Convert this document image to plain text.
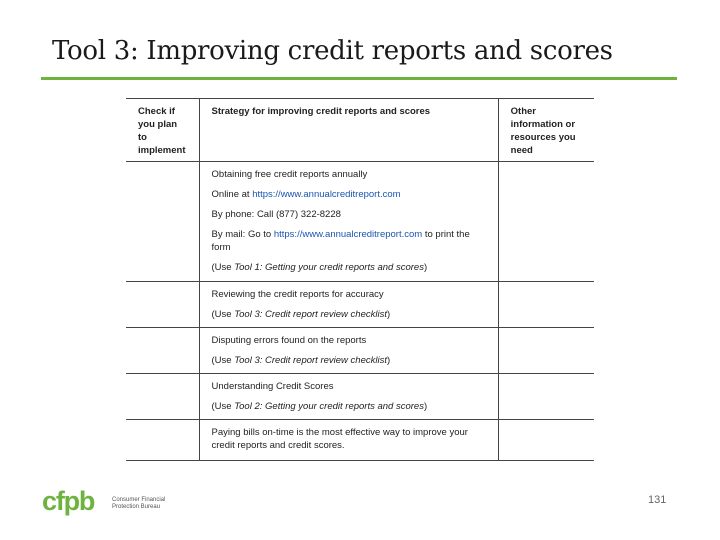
Tool 3: Improving credit reports and scores
Check if you plan to implement	Strategy for improving credit reports and scores	Other information or resources you need

	Obtaining free credit reports annually
Online at https://www.annualcreditreport.com
By phone: Call (877) 322-8228
By mail: Go to https://www.annualcreditreport.com to print the form
(Use Tool 1: Getting your credit reports and scores)	

	Reviewing the credit reports for accuracy
(Use Tool 3: Credit report review checklist)	

	Disputing errors found on the reports
(Use Tool 3: Credit report review checklist)	

	Understanding Credit Scores
(Use Tool 2: Getting your credit reports and scores)	

	Paying bills on-time is the most effective way to improve your credit reports and credit scores.	

cfpb	Consumer Financial
Protection Bureau
131
